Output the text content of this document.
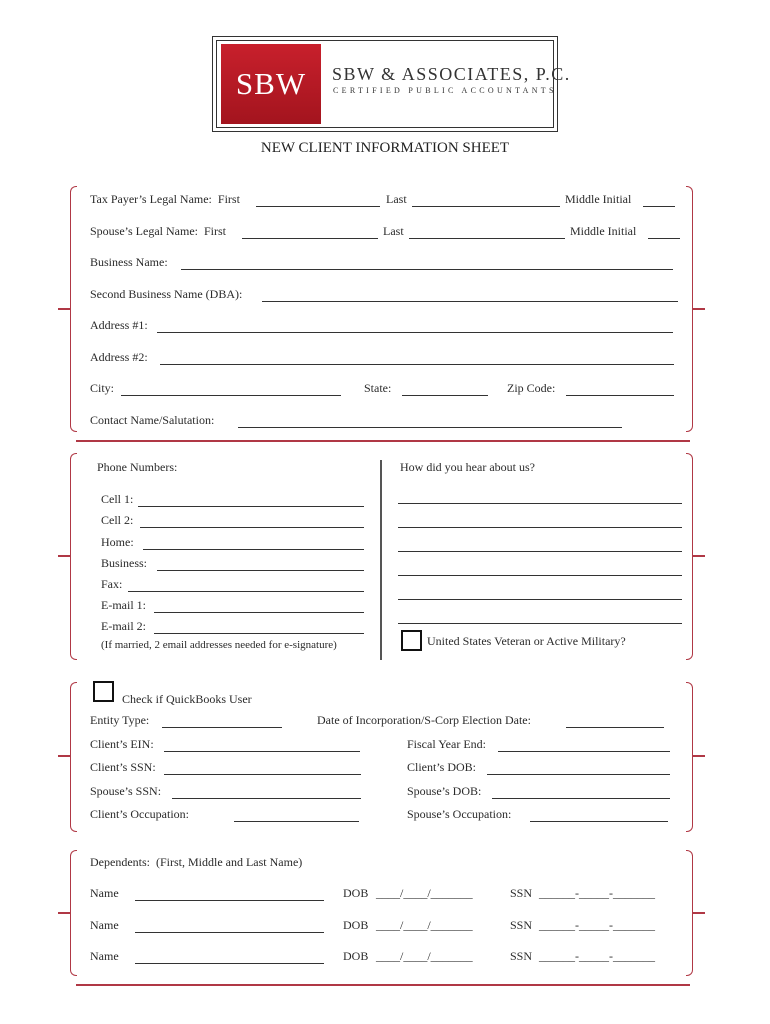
SBW	SBW & ASSOCIATES, P.C.
CERTIFIED PUBLIC ACCOUNTANTS
NEW CLIENT INFORMATION SHEET
Tax Payer’s Legal Name:  First	Last	Middle Initial
Spouse’s Legal Name:  First	Last	Middle Initial
Business Name:
Second Business Name (DBA):
Address #1:
Address #2:
City:	State:	Zip Code:
Contact Name/Salutation:
Phone Numbers:	How did you hear about us?
Cell 1:
Cell 2:
Home:
Business:
Fax:
E-mail 1:
E-mail 2:
(If married, 2 email addresses needed for e-signature)	United States Veteran or Active Military?
Check if QuickBooks User
Entity Type:	Date of Incorporation/S-Corp Election Date:
Client’s EIN:	Fiscal Year End:
Client’s SSN:	Client’s DOB:
Spouse’s SSN:	Spouse’s DOB:
Client’s Occupation:	Spouse’s Occupation:
Dependents:  (First, Middle and Last Name)
Name	DOB ____/____/_______	SSN ______-_____-_______
Name	DOB ____/____/_______	SSN ______-_____-_______
Name	DOB ____/____/_______	SSN ______-_____-_______
